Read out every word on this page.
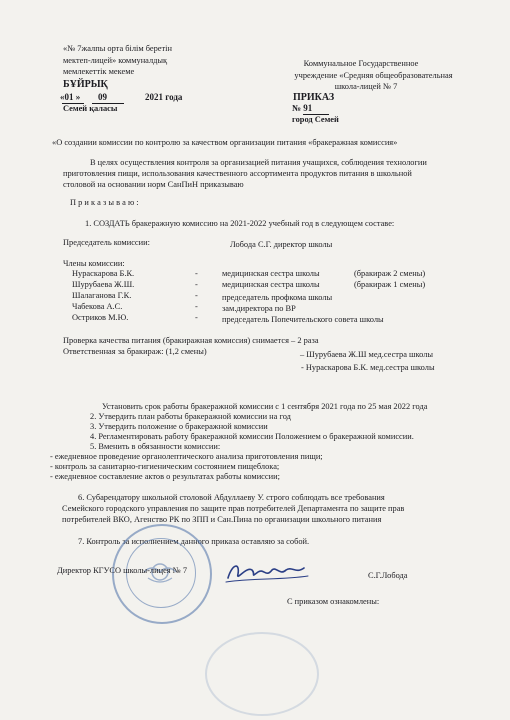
«№ 7жалпы орта білім беретін
мектеп-лицей» коммуналдық
мемлекеттік мекеме
БҰЙРЫҚ
«01 » 09	2021 года
Семей қаласы
Коммунальное Государственное
учреждение «Средняя общеобразовательная
школа-лицей № 7
ПРИКАЗ
№ 91
город Семей
«О создании комиссии по контролю за качеством организации питания «бракеражная комиссия»
В целях осуществления контроля за организацией питания учащихся, соблюдения технологии
приготовления пищи, использования качественного ассортимента продуктов питания в школьной
столовой на основании норм СанПиН приказываю
П р и к а з ы в а ю :
1. СОЗДАТЬ бракеражную комиссию на 2021-2022 учебный год в следующем составе:
Председатель комиссии:	Лобода С.Г. директор школы
Члены комиссии:
Нураскарова Б.К.	-	медицинская сестра школы	(бракираж 2 смены)
Шурубаева Ж.Ш.	-	медицинская сестра школы	(бракираж 1 смены)
Шалаганова Г.К.	-	председатель профкома школы
Чабекова А.С.	-	зам.директора по ВР
Остриков М.Ю.	-	председатель Попечительского совета школы
Проверка качества питания (бракиражная комиссия) снимается – 2 раза
Ответственная за бракираж: (1,2 смены)	– Шурубаева Ж.Ш мед.сестра школы
- Нураскарова Б.К. мед.сестра школы
Установить срок работы бракеражной комиссии с 1 сентября 2021 года по 25 мая 2022 года
2. Утвердить план работы бракеражной комиссии на год
3. Утвердить положение о бракеражной комиссии
4. Регламентировать работу бракеражной комиссии Положением о бракеражной комиссии.
5. Вменить в обязанности комиссии:
- ежедневное проведение органолептического анализа приготовления пищи;
- контроль за санитарно-гигиеническим состоянием пищеблока;
- ежедневное составление актов о результатах работы комиссии;
6. Субарендатору школьной столовой Абдуллаеву У. строго соблюдать все требования
Семейского городского управления по защите прав потребителей Департамента по защите прав
потребителей ВКО, Агенство РК по ЗПП и Сан.Пина по организации школьного питания
7. Контроль за исполнением данного приказа оставляю за собой.
Директор КГУСО школы-лицея № 7
С.Г.Лобода
С приказом ознакомлены:
